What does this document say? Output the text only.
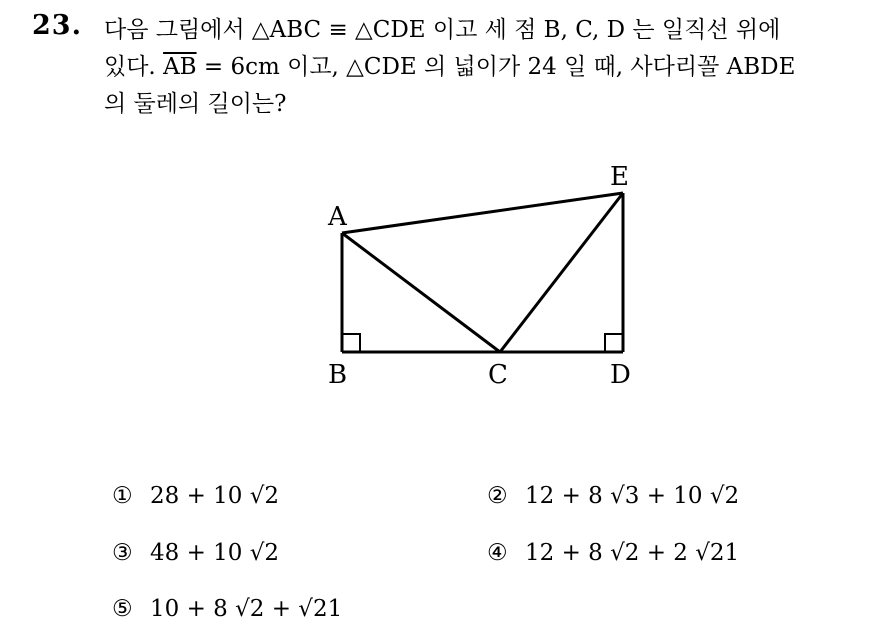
23. 다음 그림에서 △ABC ≡ △CDE 이고 세 점 B, C, D 는 일직선 위에
있다. $\overline{AB} = 6cm$ 이고, △CDE 의 넓이가 24 일 때, 사다리꼴 ABDE
의 둘레의 길이는?
A
B	C	D
E
① 28 + 10 √2	② 12 + 8 √3 + 10 √2
③ 48 + 10 √2	④ 12 + 8 √2 + 2 √21
⑤ 10 + 8 √2 + √21
